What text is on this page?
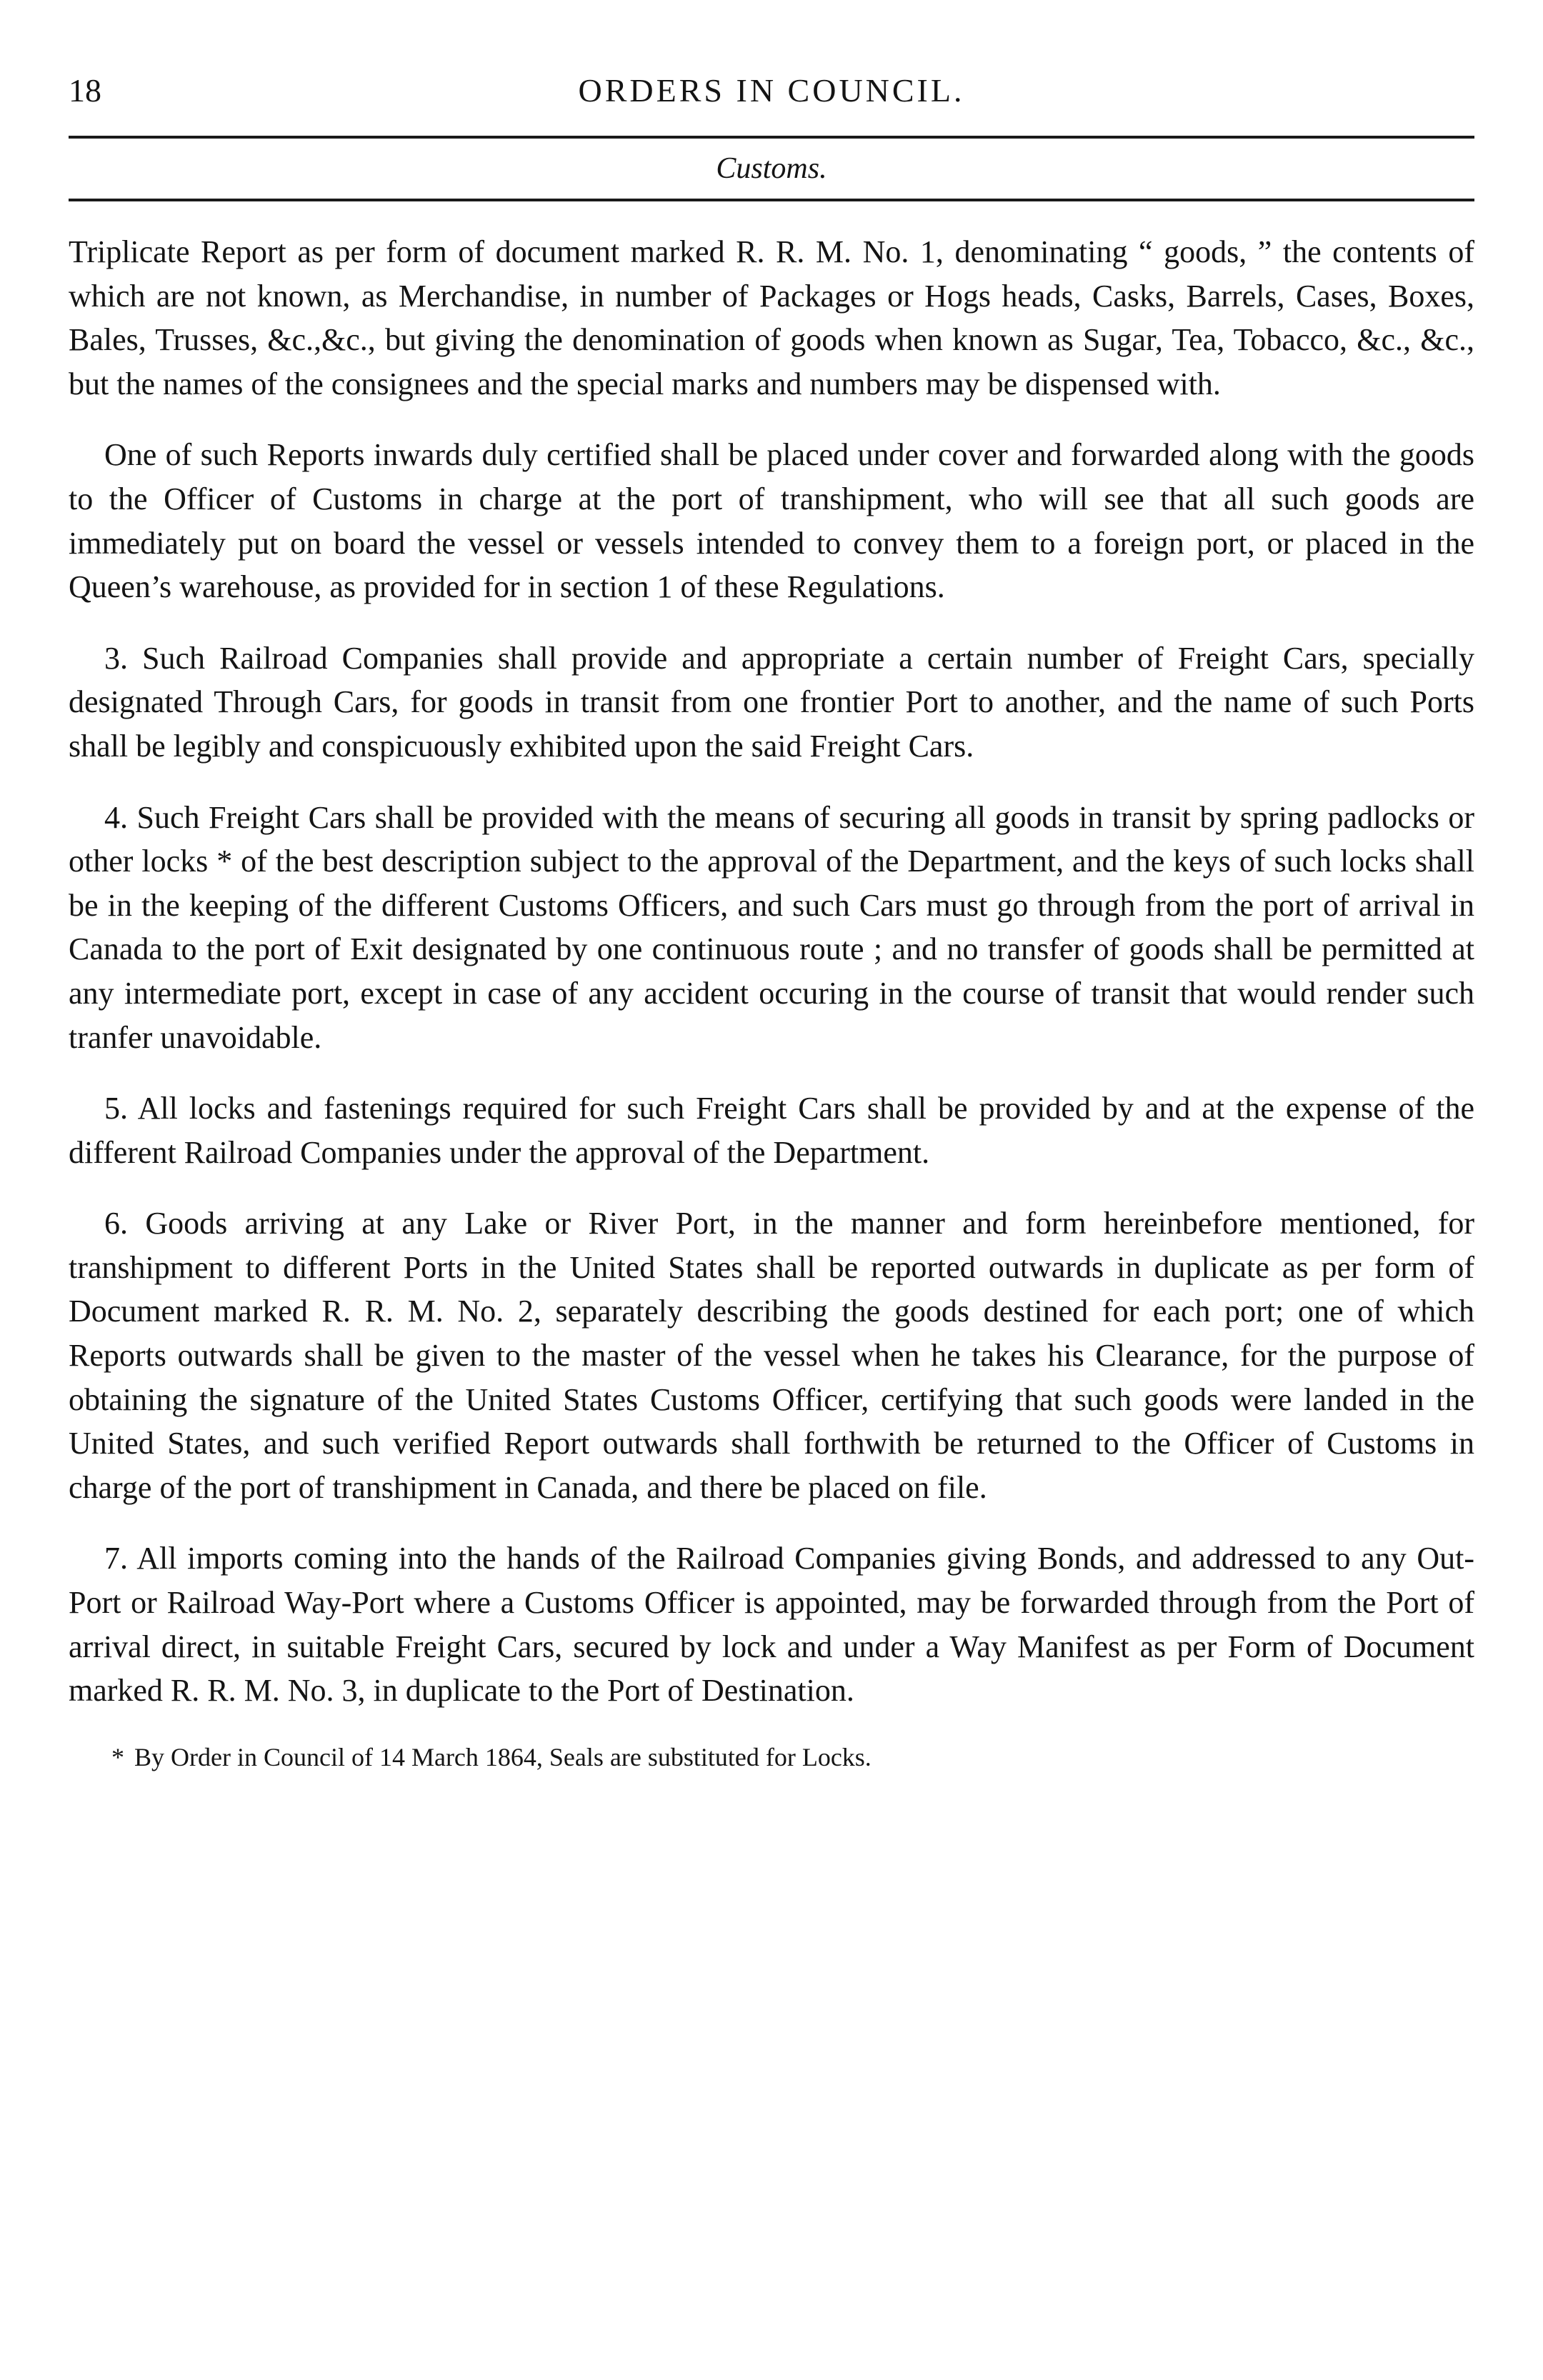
18	ORDERS IN COUNCIL.
Customs.

Triplicate Report as per form of document marked R. R. M. No. 1, denominating “ goods, ” the contents of which are not known, as Merchandise, in number of Packages or Hogs heads, Casks, Barrels, Cases, Boxes, Bales, Trusses, &c.,&c., but giving the denomination of goods when known as Sugar, Tea, Tobacco, &c., &c., but the names of the consignees and the special marks and numbers may be dispensed with.

One of such Reports inwards duly certified shall be placed under cover and forwarded along with the goods to the Officer of Customs in charge at the port of transhipment, who will see that all such goods are immediately put on board the vessel or vessels intended to convey them to a foreign port, or placed in the Queen’s warehouse, as provided for in section 1 of these Regulations.

3. Such Railroad Companies shall provide and appropriate a certain number of Freight Cars, specially designated Through Cars, for goods in transit from one frontier Port to another, and the name of such Ports shall be legibly and conspicuously exhibited upon the said Freight Cars.

4. Such Freight Cars shall be provided with the means of securing all goods in transit by spring padlocks or other locks * of the best description subject to the approval of the Department, and the keys of such locks shall be in the keeping of the different Customs Officers, and such Cars must go through from the port of arrival in Canada to the port of Exit designated by one continuous route ; and no transfer of goods shall be permitted at any intermediate port, except in case of any accident occuring in the course of transit that would render such tranfer unavoidable.

5. All locks and fastenings required for such Freight Cars shall be provided by and at the expense of the different Railroad Companies under the approval of the Department.

6. Goods arriving at any Lake or River Port, in the manner and form hereinbefore mentioned, for transhipment to different Ports in the United States shall be reported outwards in duplicate as per form of Document marked R. R. M. No. 2, separately describing the goods destined for each port; one of which Reports outwards shall be given to the master of the vessel when he takes his Clearance, for the purpose of obtaining the signature of the United States Customs Officer, certifying that such goods were landed in the United States, and such verified Report outwards shall forthwith be returned to the Officer of Customs in charge of the port of transhipment in Canada, and there be placed on file.

7. All imports coming into the hands of the Railroad Companies giving Bonds, and addressed to any Out-Port or Railroad Way-Port where a Customs Officer is appointed, may be forwarded through from the Port of arrival direct, in suitable Freight Cars, secured by lock and under a Way Manifest as per Form of Document marked R. R. M. No. 3, in duplicate to the Port of Destination.

* By Order in Council of 14 March 1864, Seals are substituted for Locks.
